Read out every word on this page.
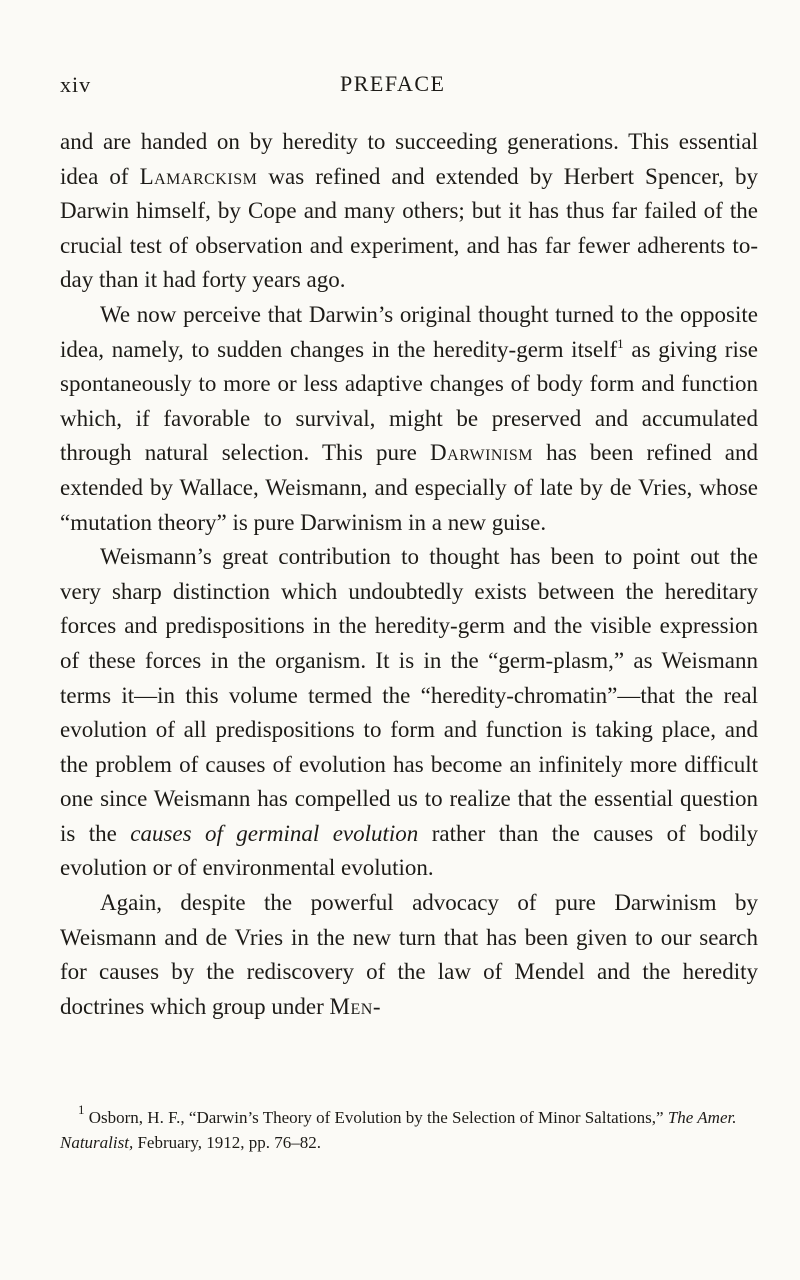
xiv	PREFACE

and are handed on by heredity to succeeding generations. This essential idea of Lamarckism was refined and extended by Herbert Spencer, by Darwin himself, by Cope and many others; but it has thus far failed of the crucial test of observation and experiment, and has far fewer adherents to-day than it had forty years ago.

We now perceive that Darwin’s original thought turned to the opposite idea, namely, to sudden changes in the heredity-germ itself$^1$ as giving rise spontaneously to more or less adaptive changes of body form and function which, if favorable to survival, might be preserved and accumulated through natural selection. This pure Darwinism has been refined and extended by Wallace, Weismann, and especially of late by de Vries, whose “mutation theory” is pure Darwinism in a new guise.

Weismann’s great contribution to thought has been to point out the very sharp distinction which undoubtedly exists between the hereditary forces and predispositions in the heredity-germ and the visible expression of these forces in the organism. It is in the “germ-plasm,” as Weismann terms it—in this volume termed the “heredity-chromatin”—that the real evolution of all predispositions to form and function is taking place, and the problem of causes of evolution has become an infinitely more difficult one since Weismann has compelled us to realize that the essential question is the causes of germinal evolution rather than the causes of bodily evolution or of environmental evolution.

Again, despite the powerful advocacy of pure Darwinism by Weismann and de Vries in the new turn that has been given to our search for causes by the rediscovery of the law of Mendel and the heredity doctrines which group under Men-

$^1$ Osborn, H. F., “Darwin’s Theory of Evolution by the Selection of Minor Saltations,” The Amer. Naturalist, February, 1912, pp. 76–82.
